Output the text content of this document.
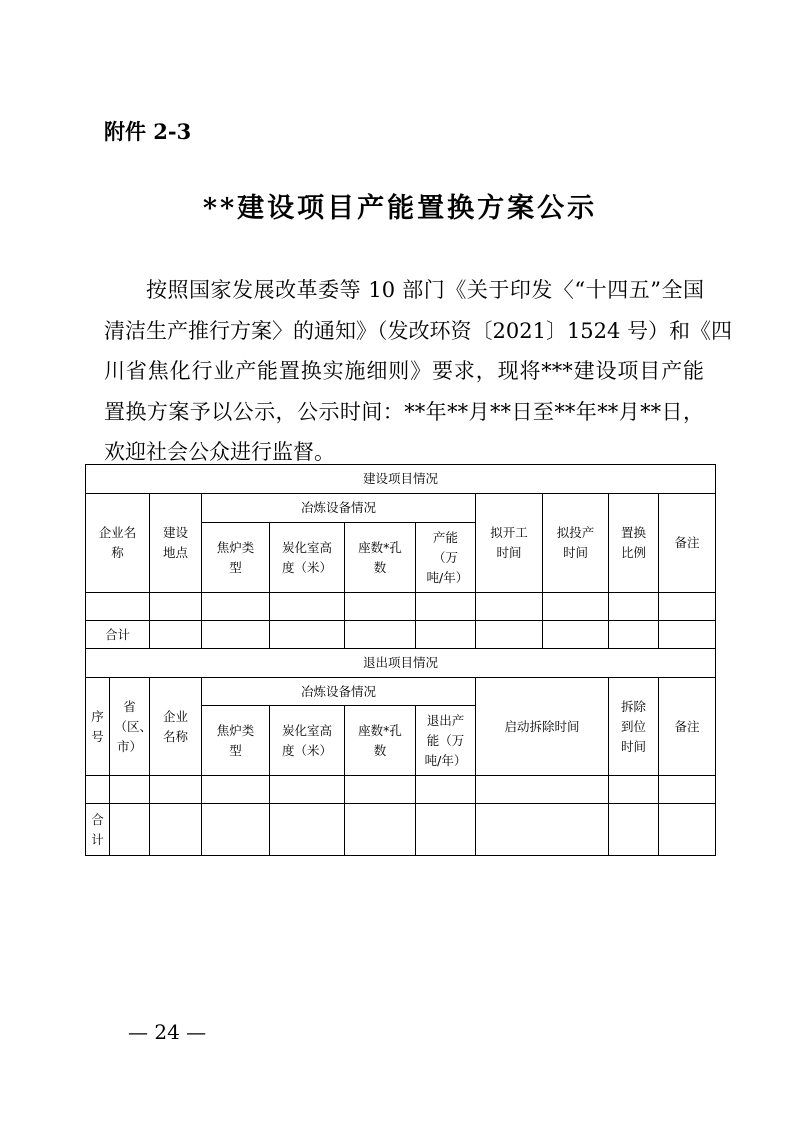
附件 2-3
**建设项目产能置换方案公示
按照国家发展改革委等 10 部门《关于印发〈“十四五”全国
清洁生产推行方案〉的通知》（发改环资〔2021〕1524 号）和《四
川省焦化行业产能置换实施细则》要求，现将***建设项目产能
置换方案予以公示，公示时间：**年**月**日至**年**月**日，
欢迎社会公众进行监督。
建设项目情况										
企业名称		建设地点	冶炼设备情况				拟开工时间	拟投产时间	置换比例	备注
			焦炉类型	炭化室高度（米）	座数*孔数	产能（万吨/年）				

合计										
退出项目情况										
序号	省（区、市）	企业名称	冶炼设备情况				启动拆除时间		拆除到位时间	备注
			焦炉类型	炭化室高度（米）	座数*孔数	退出产能（万吨/年）				

合计										
— 24 —
